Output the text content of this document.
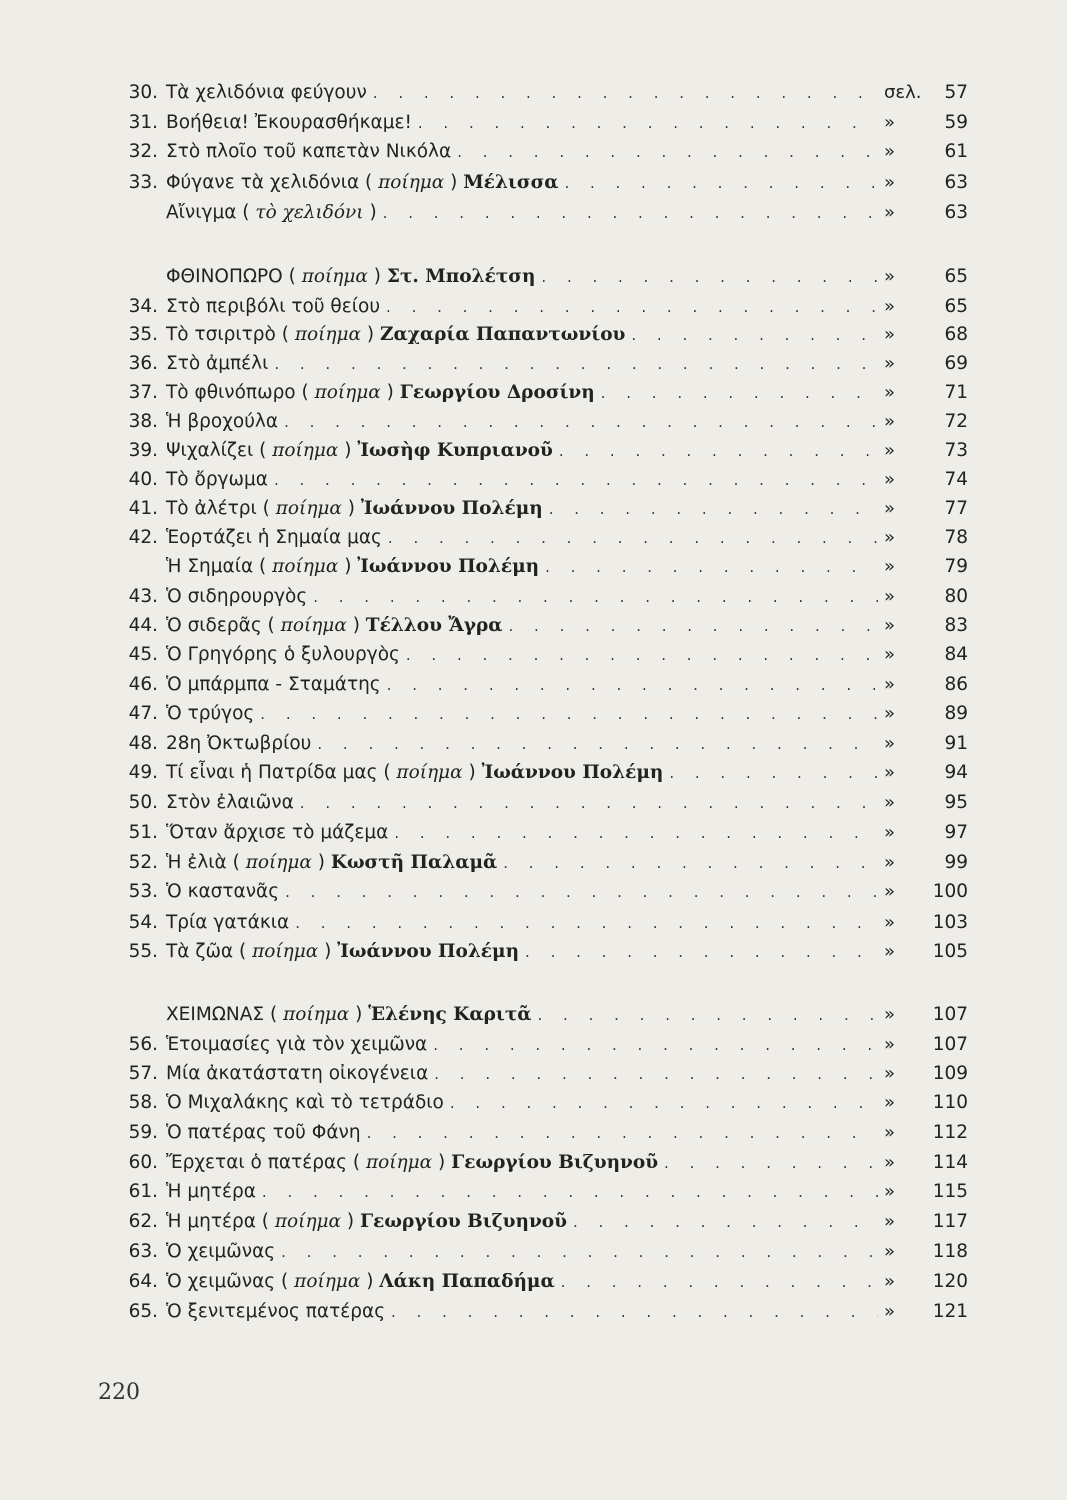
30. Τὰ χελιδόνια φεύγουν . . .	σελ.	57
31. Βοήθεια! Ἐκουρασθήκαμε! . . .	»	59
32. Στὸ πλοῖο τοῦ καπετὰν Νικόλα . . .	»	61
33. Φύγανε τὰ χελιδόνια ( ποίημα ) Μέλισσα . . .	»	63
Αἴνιγμα ( τὸ χελιδόνι ) . . .	»	63
ΦΘΙΝΟΠΩΡΟ ( ποίημα ) Στ. Μπολέτση . . .	»	65
34. Στὸ περιβόλι τοῦ θείου . . .	»	65
35. Τὸ τσιριτρὸ ( ποίημα ) Ζαχαρία Παπαντωνίου . . .	»	68
36. Στὸ ἀμπέλι . . .	»	69
37. Τὸ φθινόπωρο ( ποίημα ) Γεωργίου Δροσίνη . . .	»	71
38. Ἡ βροχούλα . . .	»	72
39. Ψιχαλίζει ( ποίημα ) Ἰωσὴφ Κυπριανοῦ . . .	»	73
40. Τὸ ὄργωμα . . .	»	74
41. Τὸ ἀλέτρι ( ποίημα ) Ἰωάννου Πολέμη . . .	»	77
42. Ἑορτάζει ἡ Σημαία μας . . .	»	78
Ἡ Σημαία ( ποίημα ) Ἰωάννου Πολέμη . . .	»	79
43. Ὁ σιδηρουργὸς . . .	»	80
44. Ὁ σιδερᾶς ( ποίημα ) Τέλλου Ἄγρα . . .	»	83
45. Ὁ Γρηγόρης ὁ ξυλουργὸς . . .	»	84
46. Ὁ μπάρμπα - Σταμάτης . . .	»	86
47. Ὁ τρύγος . . .	»	89
48. 28η Ὀκτωβρίου . . .	»	91
49. Τί εἶναι ἡ Πατρίδα μας ( ποίημα ) Ἰωάννου Πολέμη . . .	»	94
50. Στὸν ἐλαιῶνα . . .	»	95
51. Ὅταν ἄρχισε τὸ μάζεμα . . .	»	97
52. Ἡ ἐλιὰ ( ποίημα ) Κωστῆ Παλαμᾶ . . .	»	99
53. Ὁ καστανᾶς . . .	»	100
54. Τρία γατάκια . . .	»	103
55. Τὰ ζῶα ( ποίημα ) Ἰωάννου Πολέμη . . .	»	105
ΧΕΙΜΩΝΑΣ ( ποίημα ) Ἑλένης Καριτᾶ . . .	»	107
56. Ἑτοιμασίες γιὰ τὸν χειμῶνα . . .	»	107
57. Μία ἀκατάστατη οἰκογένεια . . .	»	109
58. Ὁ Μιχαλάκης καὶ τὸ τετράδιο . . .	»	110
59. Ὁ πατέρας τοῦ Φάνη . . .	»	112
60. Ἔρχεται ὁ πατέρας ( ποίημα ) Γεωργίου Βιζυηνοῦ . . .	»	114
61. Ἡ μητέρα . . .	»	115
62. Ἡ μητέρα ( ποίημα ) Γεωργίου Βιζυηνοῦ . . .	»	117
63. Ὁ χειμῶνας . . .	»	118
64. Ὁ χειμῶνας ( ποίημα ) Λάκη Παπαδήμα . . .	»	120
65. Ὁ ξενιτεμένος πατέρας . . .	»	121
220
